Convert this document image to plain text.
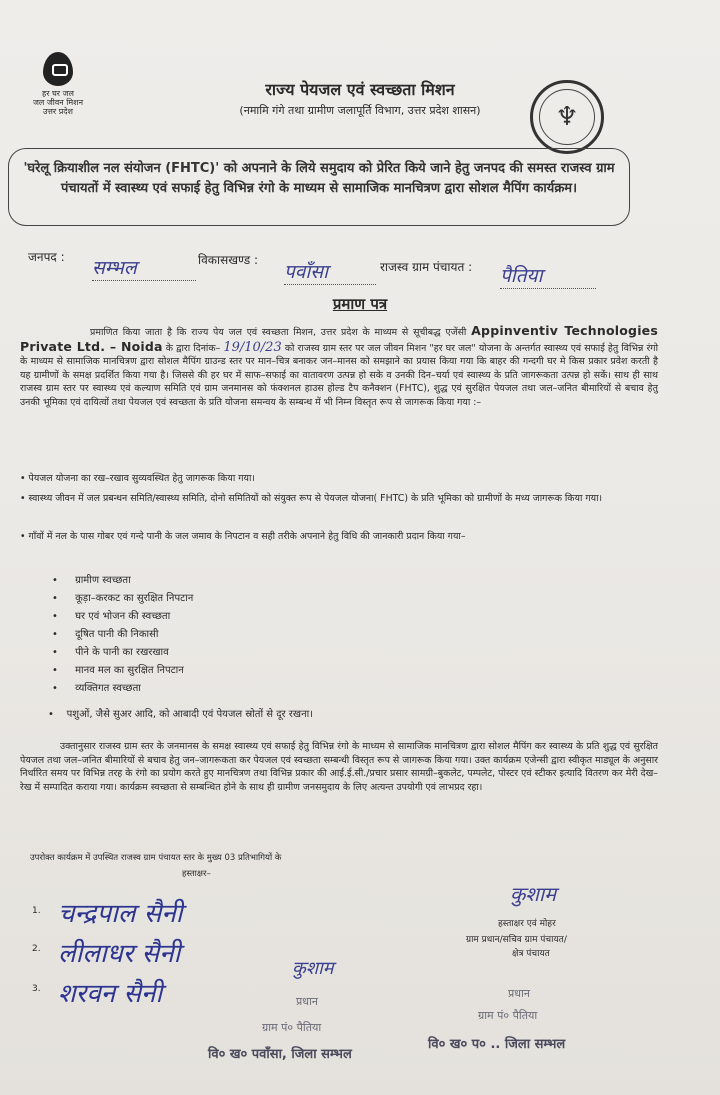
हर घर जल
जल जीवन मिशन
उत्तर प्रदेश
राज्य पेयजल एवं स्वच्छता मिशन
(नमामि गंगे तथा ग्रामीण जलापूर्ति विभाग, उत्तर प्रदेश शासन)	♆
'घरेलू क्रियाशील नल संयोजन (FHTC)' को अपनाने के लिये समुदाय को प्रेरित किये जाने हेतु जनपद की समस्त राजस्व ग्राम पंचायतों में स्वास्थ्य एवं सफाई हेतु विभिन्न रंगो के माध्यम से सामाजिक मानचित्रण द्वारा सोशल मैपिंग कार्यक्रम।
जनपद : सम्भल	विकासखण्ड :
पवाँसा	राजस्व ग्राम पंचायत : पैतिया
प्रमाण पत्र
प्रमाणित किया जाता है कि राज्य पेय जल एवं स्वच्छता मिशन, उत्तर प्रदेश के माध्यम से सूचीबद्ध एजेंसी Appinventiv Technologies Private Ltd. – Noida के द्वारा दिनांक– 19/10/23 को राजस्व ग्राम स्तर पर जल जीवन मिशन "हर घर जल" योजना के अन्तर्गत स्वास्थ्य एवं सफाई हेतु विभिन्न रंगो के माध्यम से सामाजिक मानचित्रण द्वारा सोशल मैपिंग ग्राउन्ड स्तर पर मान–चित्र बनाकर जन–मानस को समझाने का प्रयास किया गया कि बाहर की गन्दगी घर मे किस प्रकार प्रवेश करती है यह ग्रामीणों के समक्ष प्रदर्शित किया गया है। जिससे की हर घर में साफ–सफाई का वातावरण उत्पन्न हो सके व उनकी दिन–चर्या एवं स्वास्थ्य के प्रति जागरूकता उत्पन्न हो सकें। साथ ही साथ राजस्व ग्राम स्तर पर स्वास्थ्य एवं कल्याण समिति एवं ग्राम जनमानस को फंक्शनल हाउस होल्ड टैप कनैक्शन (FHTC), शुद्ध एवं सुरक्षित पेयजल तथा जल–जनित बीमारियों से बचाव हेतु उनकी भूमिका एवं दायित्वों तथा पेयजल एवं स्वच्छता के प्रति योजना समन्वय के सम्बन्ध में भी निम्न विस्तृत रूप से जागरूक किया गया :–
• पेयजल योजना का रख–रखाव सुव्यवस्थित हेतु जागरूक किया गया।
• स्वास्थ्य जीवन में जल प्रबन्धन समिति/स्वास्थ्य समिति, दोनो समितियों को संयुक्त रूप से पेयजल योजना( FHTC) के प्रति भूमिका को ग्रामीणों के मध्य जागरूक किया गया।
• गाँवों में नल के पास गोबर एवं गन्दे पानी के जल जमाव के निपटान व सही तरीके अपनाने हेतु विधि की जानकारी प्रदान किया गया–
• ग्रामीण स्वच्छता
• कूड़ा–करकट का सुरक्षित निपटान
• घर एवं भोजन की स्वच्छता
• दूषित पानी की निकासी
• पीने के पानी का रखरखाव
• मानव मल का सुरक्षित निपटान
• व्यक्तिगत स्वच्छता
•    पशुओं, जैसे सुअर आदि, को आबादी एवं पेयजल स्रोतों से दूर रखना।
उक्तानुसार राजस्व ग्राम स्तर के जनमानस के समक्ष स्वास्थ्य एवं सफाई हेतु विभिन्न रंगो के माध्यम से सामाजिक मानचित्रण द्वारा सोशल मैपिंग कर स्वास्थ्य के प्रति शुद्ध एवं सुरक्षित पेयजल तथा जल–जनित बीमारियों से बचाव हेतु जन–जागरूकता कर पेयजल एवं स्वच्छता सम्बन्धी विस्तृत रूप से जागरूक किया गया। उक्त कार्यक्रम एजेन्सी द्वारा स्वीकृत माड्यूल के अनुसार निर्धारित समय पर विभिन्न तरह के रंगो का प्रयोग करते हुए मानचित्रण तथा विभिन्न प्रकार की आई.ई.सी./प्रचार प्रसार सामग्री–बुकलेट, पम्पलेट, पोस्टर एवं स्टीकर इत्यादि वितरण कर मेरी देख–रेख में सम्पादित कराया गया। कार्यक्रम स्वच्छता से सम्बन्धित होने के साथ ही ग्रामीण जनसमुदाय के लिए अत्यन्त उपयोगी एवं लाभप्रद रहा।
उपरोक्त कार्यक्रम में उपस्थित राजस्व ग्राम पंचायत स्तर के मुख्य 03 प्रतिभागियों के
हस्ताक्षर–
1. चन्द्रपाल सैनी
2. लीलाधर सैनी
3. शरवन सैनी
कुशाम
हस्ताक्षर एवं मोहर
ग्राम प्रधान/सचिव ग्राम पंचायत/
क्षेत्र पंचायत
कुशाम
प्रधान
ग्राम पं० पैतिया
वि० ख० पवाँसा, जिला सम्भल
प्रधान
ग्राम पं० पैतिया
वि० ख० प० .. जिला सम्भल
